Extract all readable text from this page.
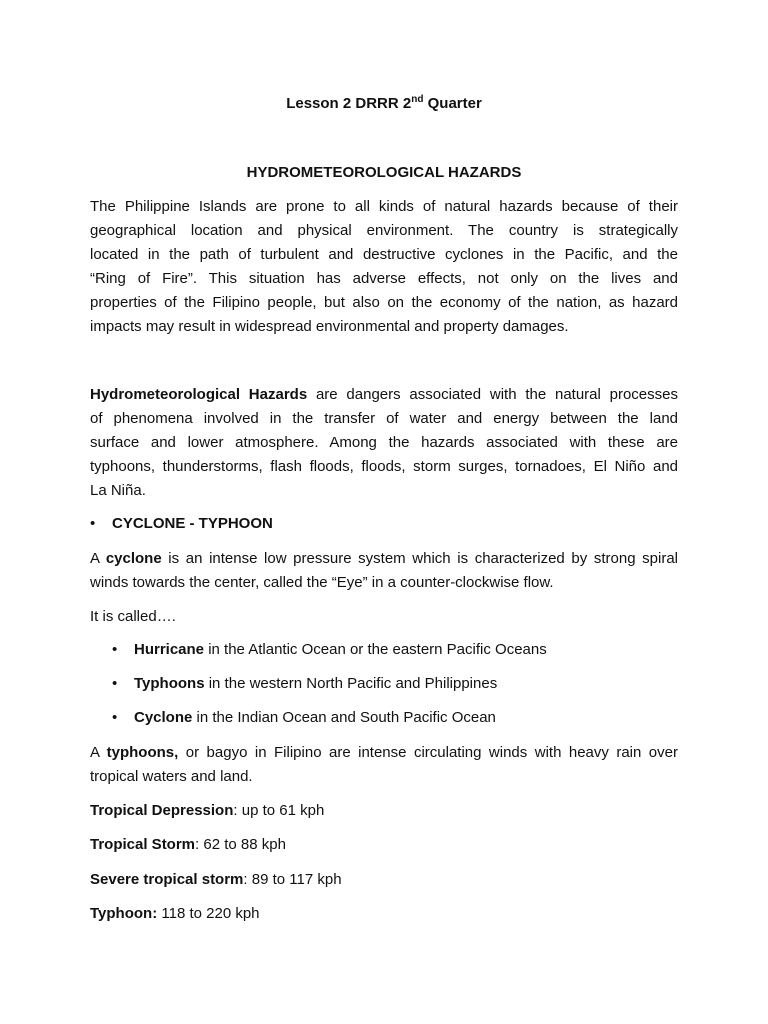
Lesson 2 DRRR 2nd Quarter
HYDROMETEOROLOGICAL HAZARDS
The Philippine Islands are prone to all kinds of natural hazards because of their
geographical location and physical environment. The country is strategically
located in the path of turbulent and destructive cyclones in the Pacific, and the
“Ring of Fire”. This situation has adverse effects, not only on the lives and
properties of the Filipino people, but also on the economy of the nation, as hazard
impacts may result in widespread environmental and property damages.
Hydrometeorological Hazards are dangers associated with the natural processes
of phenomena involved in the transfer of water and energy between the land
surface and lower atmosphere. Among the hazards associated with these are
typhoons, thunderstorms, flash floods, floods, storm surges, tornadoes, El Niño and
La Niña.
• CYCLONE - TYPHOON
A cyclone is an intense low pressure system which is characterized by strong spiral
winds towards the center, called the “Eye” in a counter-clockwise flow.
It is called….
• Hurricane in the Atlantic Ocean or the eastern Pacific Oceans
• Typhoons in the western North Pacific and Philippines
• Cyclone in the Indian Ocean and South Pacific Ocean
A typhoons, or bagyo in Filipino are intense circulating winds with heavy rain over
tropical waters and land.
Tropical Depression: up to 61 kph
Tropical Storm: 62 to 88 kph
Severe tropical storm: 89 to 117 kph
Typhoon: 118 to 220 kph
